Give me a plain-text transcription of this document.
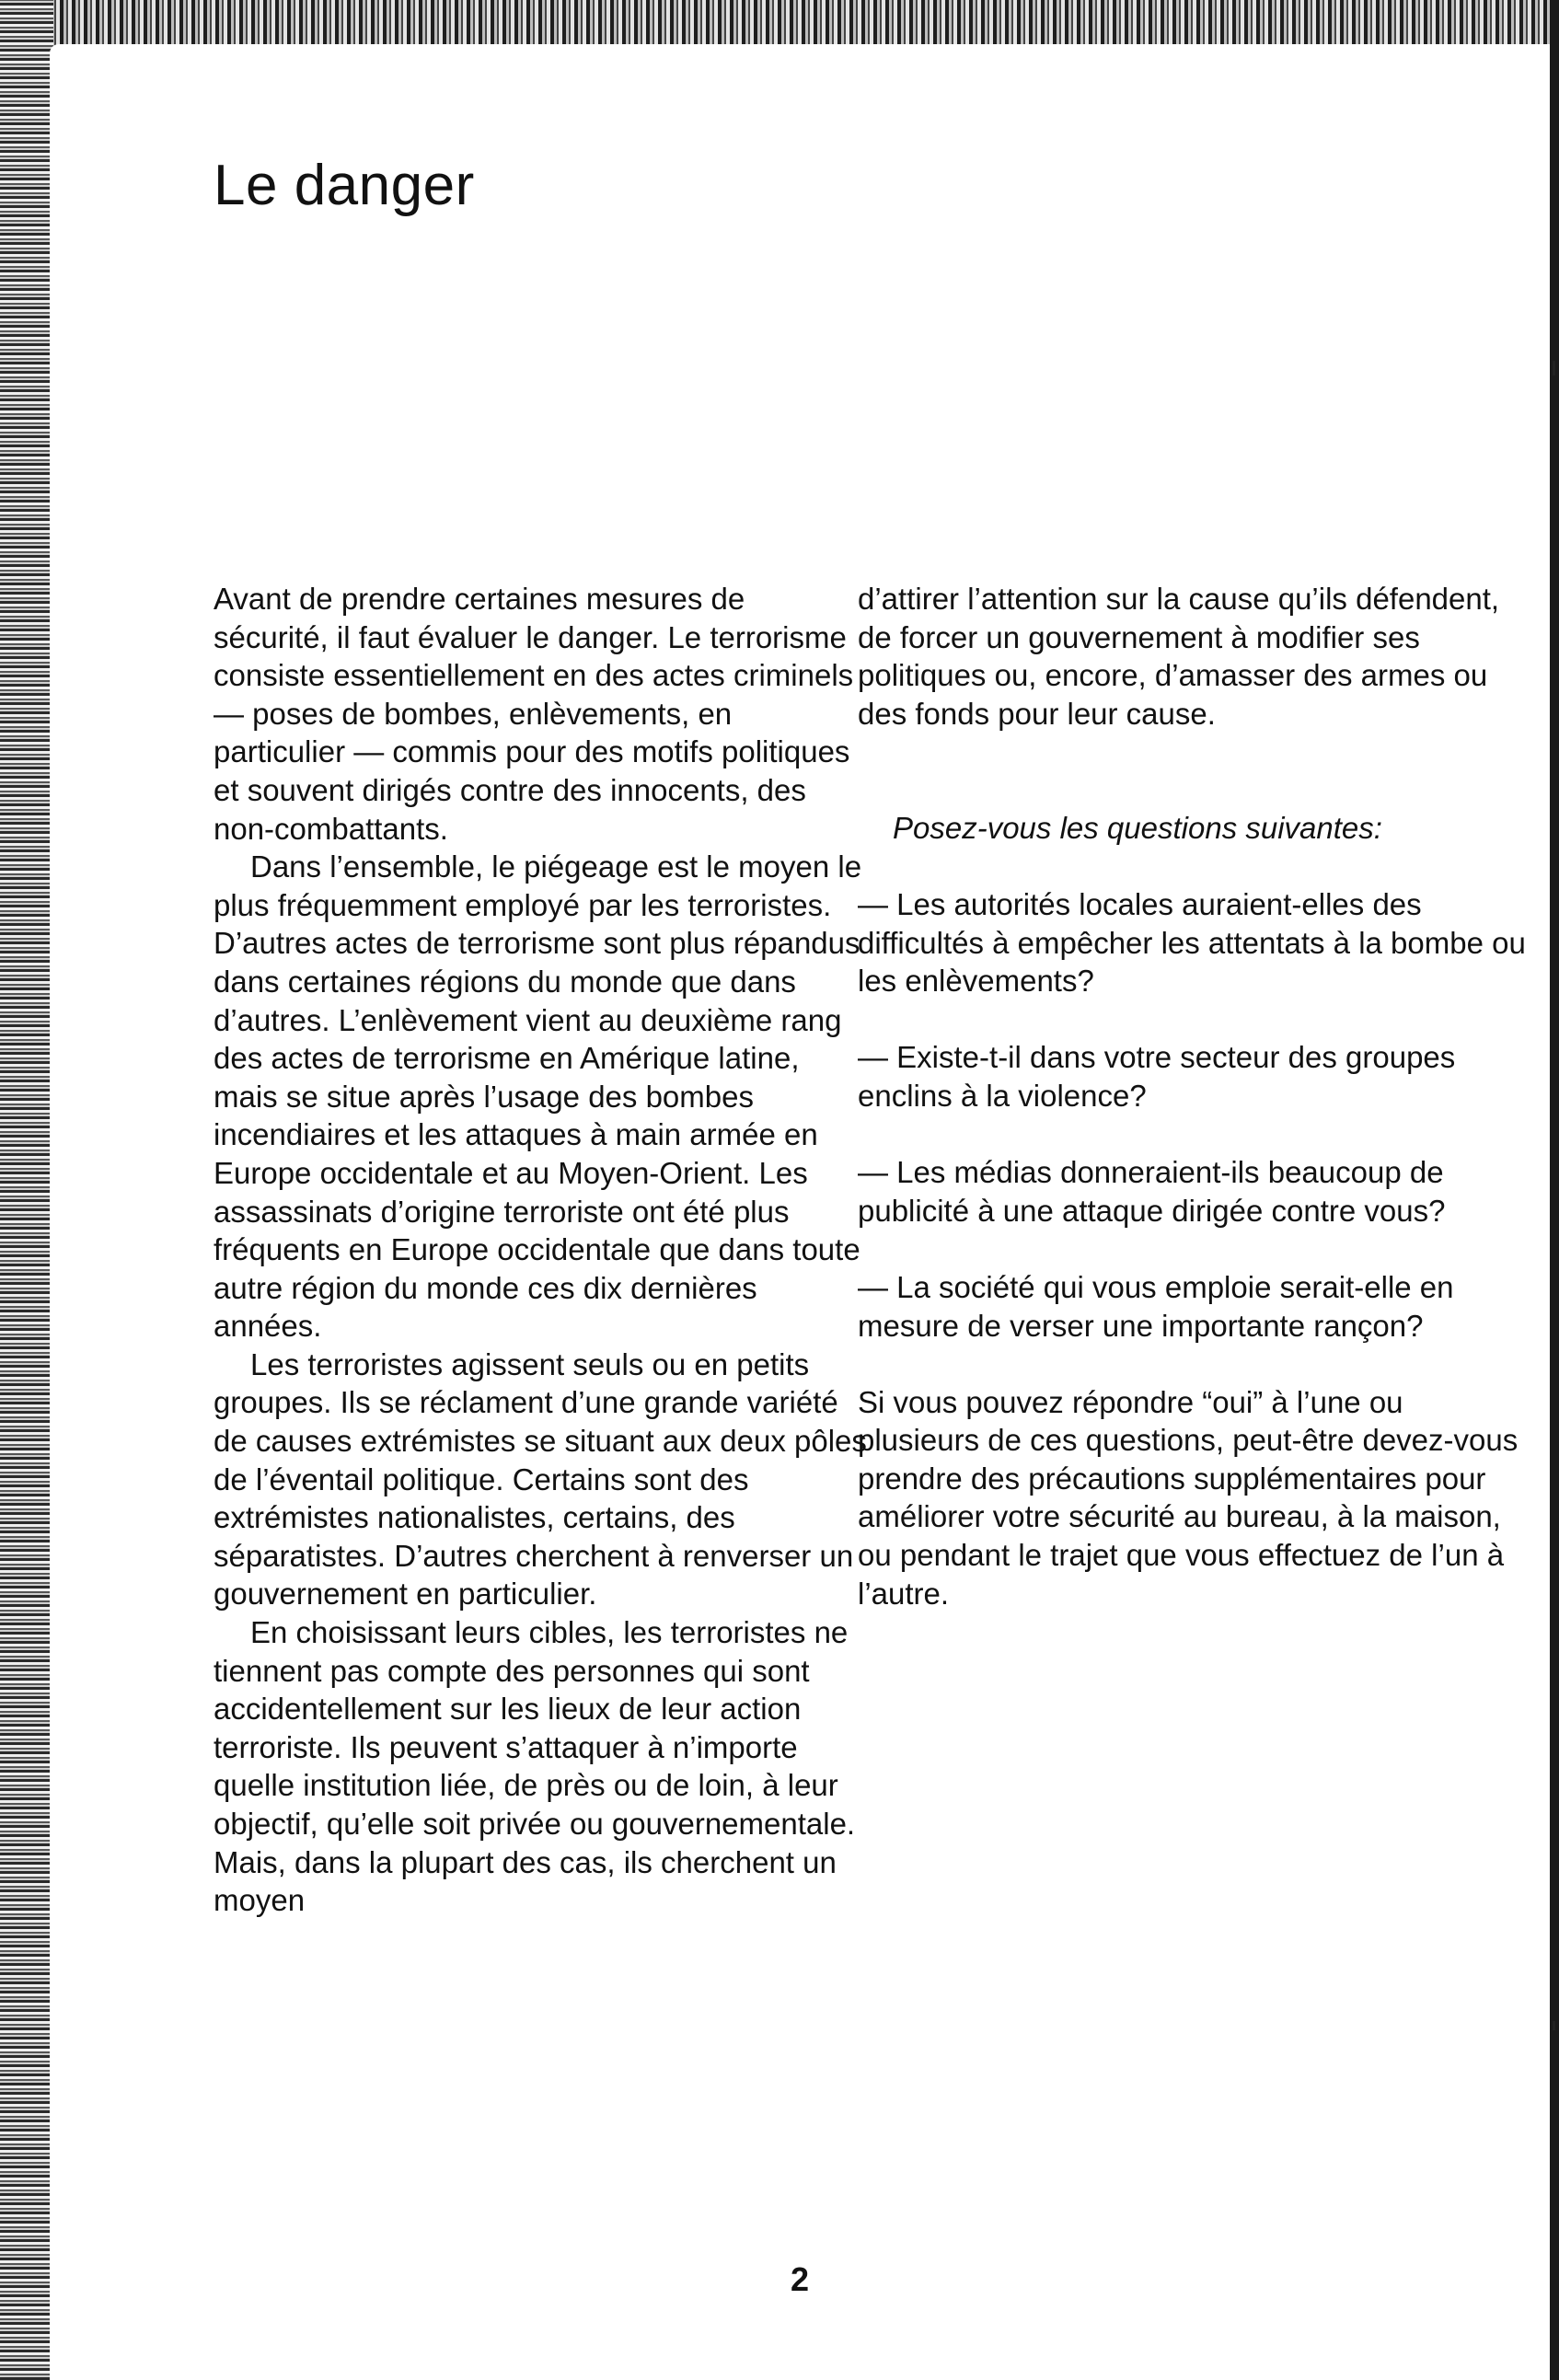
Le danger

Avant de prendre certaines mesures de sécurité, il faut évaluer le danger. Le terrorisme consiste essentiellement en des actes criminels — poses de bombes, enlèvements, en particulier — commis pour des motifs politiques et souvent dirigés contre des innocents, des non-combattants.

Dans l’ensemble, le piégeage est le moyen le plus fréquemment employé par les terroristes. D’autres actes de terrorisme sont plus répandus dans certaines régions du monde que dans d’autres. L’enlèvement vient au deuxième rang des actes de terrorisme en Amérique latine, mais se situe après l’usage des bombes incendiaires et les attaques à main armée en Europe occidentale et au Moyen-Orient. Les assassinats d’origine terroriste ont été plus fréquents en Europe occidentale que dans toute autre région du monde ces dix dernières années.

Les terroristes agissent seuls ou en petits groupes. Ils se réclament d’une grande variété de causes extrémistes se situant aux deux pôles de l’éventail politique. Certains sont des extrémistes nationalistes, certains, des séparatistes. D’autres cherchent à renverser un gouvernement en particulier.

En choisissant leurs cibles, les terroristes ne tiennent pas compte des personnes qui sont accidentellement sur les lieux de leur action terroriste. Ils peuvent s’attaquer à n’importe quelle institution liée, de près ou de loin, à leur objectif, qu’elle soit privée ou gouvernementale. Mais, dans la plupart des cas, ils cherchent un moyen

d’attirer l’attention sur la cause qu’ils défendent, de forcer un gouvernement à modifier ses politiques ou, encore, d’amasser des armes ou des fonds pour leur cause.

Posez-vous les questions suivantes:

— Les autorités locales auraient-elles des difficultés à empêcher les attentats à la bombe ou les enlèvements?

— Existe-t-il dans votre secteur des groupes enclins à la violence?

— Les médias donneraient-ils beaucoup de publicité à une attaque dirigée contre vous?

— La société qui vous emploie serait-elle en mesure de verser une importante rançon?

Si vous pouvez répondre “oui” à l’une ou plusieurs de ces questions, peut-être devez-vous prendre des précautions supplémentaires pour améliorer votre sécurité au bureau, à la maison, ou pendant le trajet que vous effectuez de l’un à l’autre.

2
